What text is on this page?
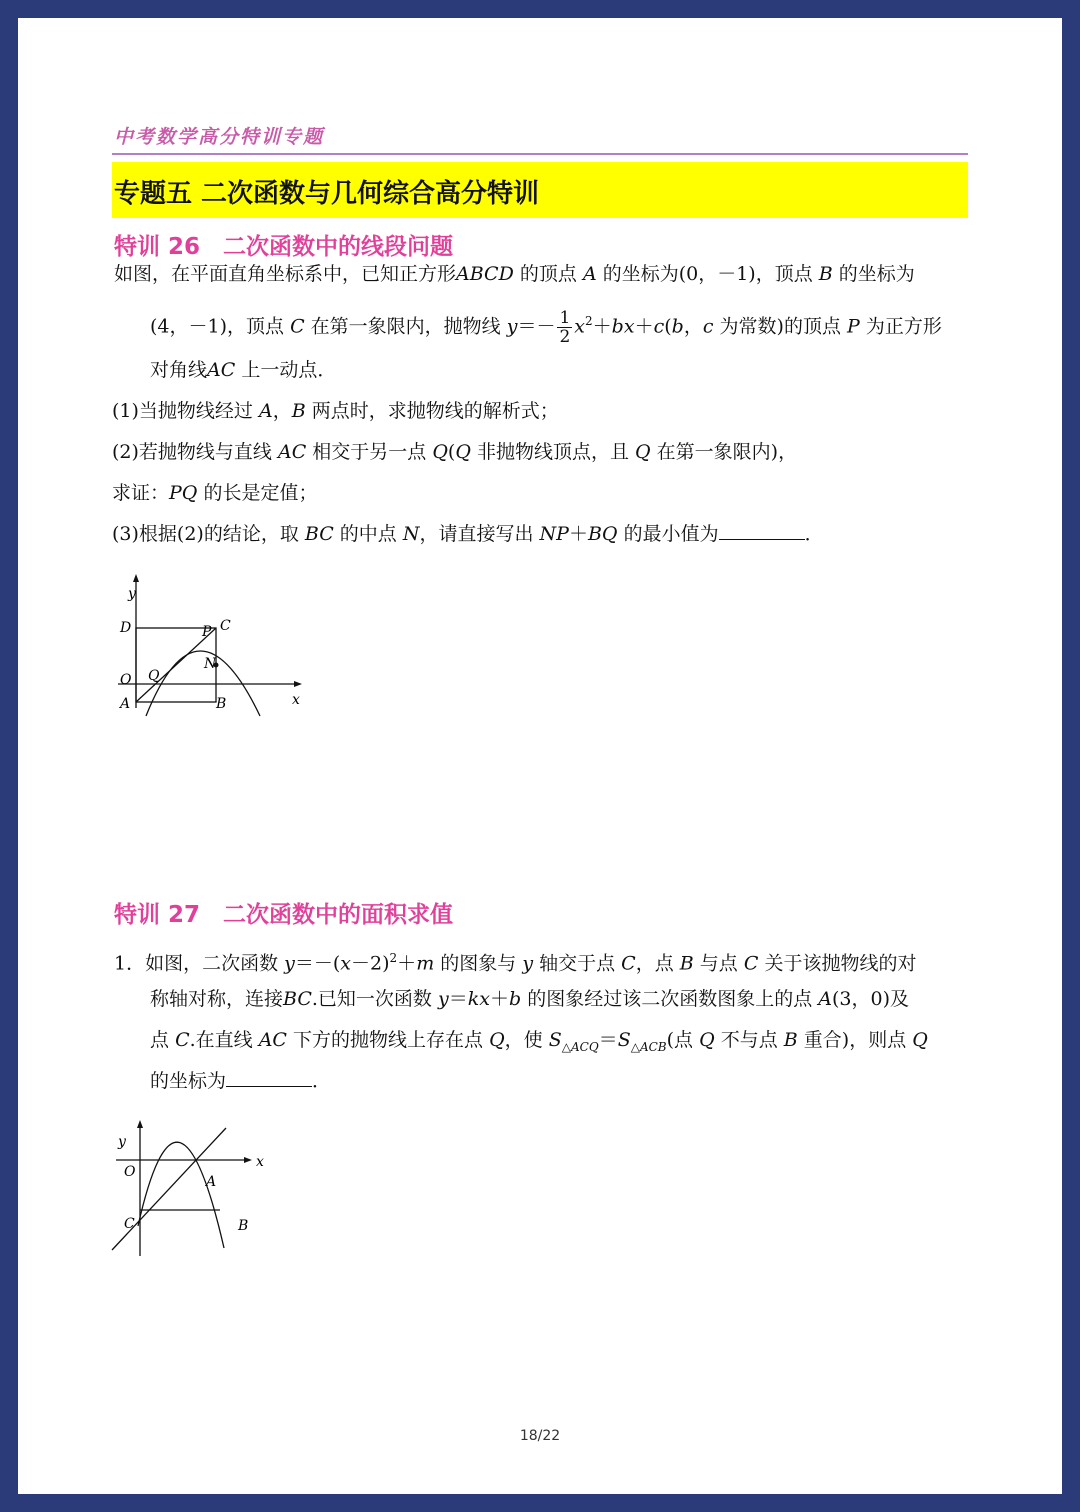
中考数学高分特训专题
专题五 二次函数与几何综合高分特训
特训 26　二次函数中的线段问题
如图，在平面直角坐标系中，已知正方形ABCD 的顶点 A 的坐标为(0，－1)，顶点 B 的坐标为
(4，－1)，顶点 C 在第一象限内，抛物线 $y=- \frac{1}{2} x^2+bx+c(b$，c 为常数)的顶点 P 为正方形
对角线AC 上一动点．
(1)当抛物线经过 A，B 两点时，求抛物线的解析式；
(2)若抛物线与直线 AC 相交于另一点 Q(Q 非抛物线顶点，且 Q 在第一象限内)，
求证：PQ 的长是定值；
(3)根据(2)的结论，取 BC 的中点 N，请直接写出 NP＋BQ 的最小值为	．
y
x
D	P C
N
O Q
A	B
特训 27　二次函数中的面积求值
1．如图，二次函数 $y=-(x-2)^2+m$ 的图象与 y 轴交于点 C，点 B 与点 C 关于该抛物线的对
称轴对称，连接BC.已知一次函数 y＝kx＋b 的图象经过该二次函数图象上的点 A(3，0)及
点 C.在直线 AC 下方的抛物线上存在点 Q，使 $S_{\triangle ACQ}=S_{\triangle ACB}$(点 Q 不与点 B 重合)，则点 Q
的坐标为	．
y
x
O
A
C	B
18/22
